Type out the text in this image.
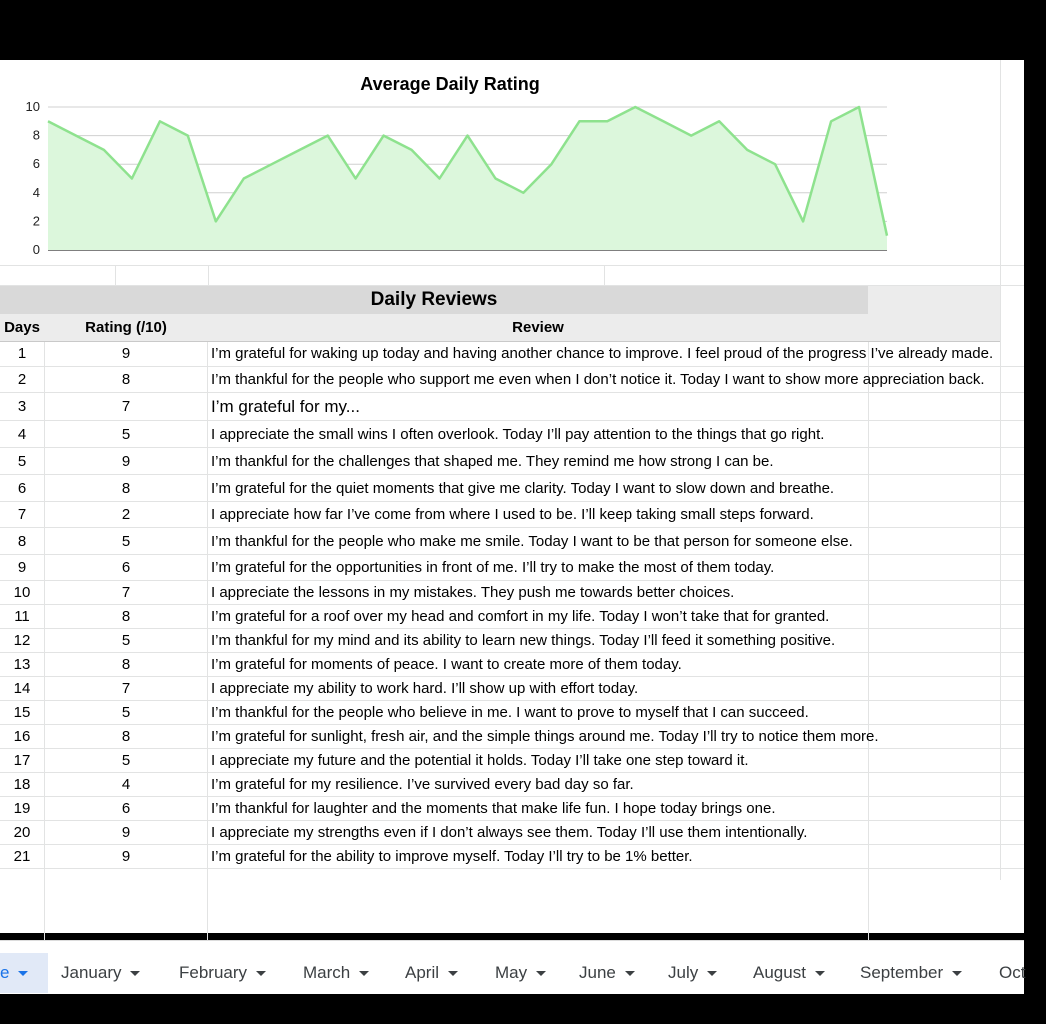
Average Daily Rating
0
2
4
6
8
10
Daily Reviews
Days	Rating (/10)	Review
1	9	I’m grateful for waking up today and having another chance to improve. I feel proud of the progress I’ve already made.
2	8	I’m thankful for the people who support me even when I don’t notice it. Today I want to show more appreciation back.
3	7	I’m grateful for my...
4	5	I appreciate the small wins I often overlook. Today I’ll pay attention to the things that go right.
5	9	I’m thankful for the challenges that shaped me. They remind me how strong I can be.
6	8	I’m grateful for the quiet moments that give me clarity. Today I want to slow down and breathe.
7	2	I appreciate how far I’ve come from where I used to be. I’ll keep taking small steps forward.
8	5	I’m thankful for the people who make me smile. Today I want to be that person for someone else.
9	6	I’m grateful for the opportunities in front of me. I’ll try to make the most of them today.
10	7	I appreciate the lessons in my mistakes. They push me towards better choices.
11	8	I’m grateful for a roof over my head and comfort in my life. Today I won’t take that for granted.
12	5	I’m thankful for my mind and its ability to learn new things. Today I’ll feed it something positive.
13	8	I’m grateful for moments of peace. I want to create more of them today.
14	7	I appreciate my ability to work hard. I’ll show up with effort today.
15	5	I’m thankful for the people who believe in me. I want to prove to myself that I can succeed.
16	8	I’m grateful for sunlight, fresh air, and the simple things around me. Today I’ll try to notice them more.
17	5	I appreciate my future and the potential it holds. Today I’ll take one step toward it.
18	4	I’m grateful for my resilience. I’ve survived every bad day so far.
19	6	I’m thankful for laughter and the moments that make life fun. I hope today brings one.
20	9	I appreciate my strengths even if I don’t always see them. Today I’ll use them intentionally.
21	9	I’m grateful for the ability to improve myself. Today I’ll try to be 1% better.
e	January	February	March	April	May	June	July	August	September	Oct
